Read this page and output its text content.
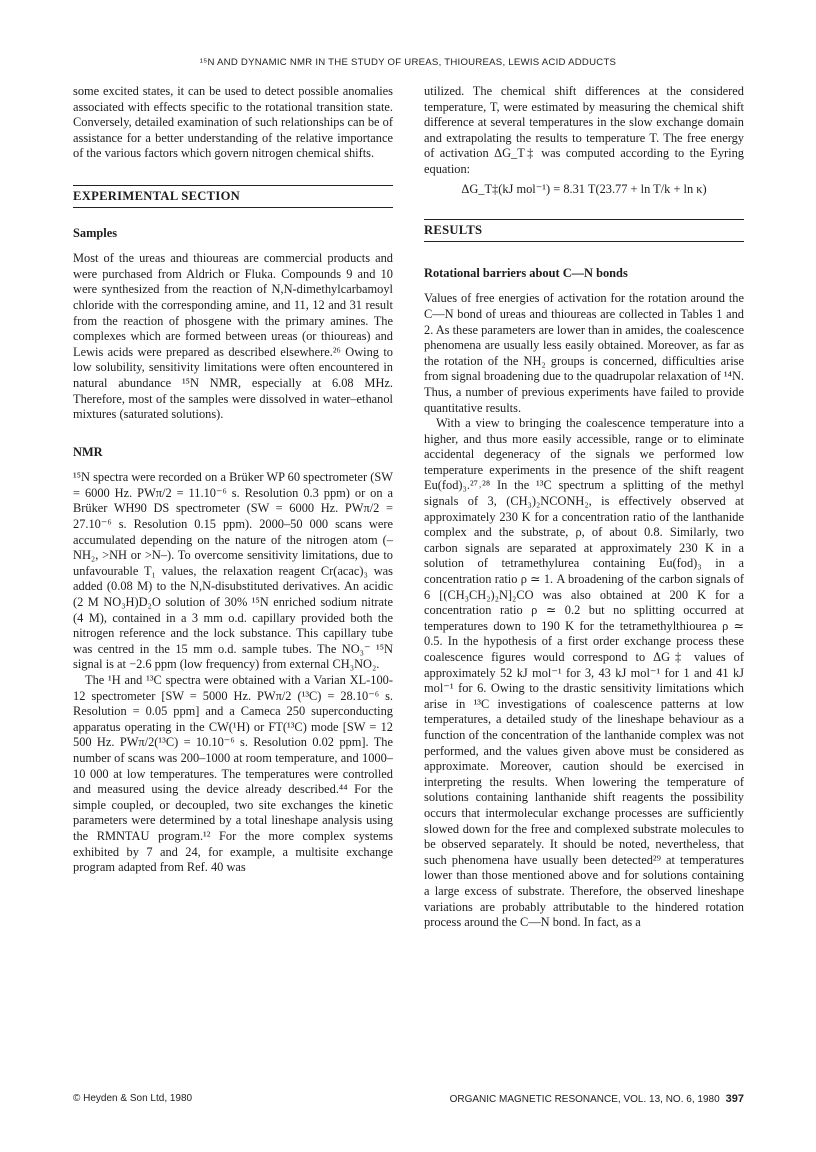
¹⁵N AND DYNAMIC NMR IN THE STUDY OF UREAS, THIOUREAS, LEWIS ACID ADDUCTS

some excited states, it can be used to detect possible anomalies associated with effects specific to the rotational transition state. Conversely, detailed examination of such relationships can be of assistance for a better understanding of the relative importance of the various factors which govern nitrogen chemical shifts.

EXPERIMENTAL SECTION
Samples

Most of the ureas and thioureas are commercial products and were purchased from Aldrich or Fluka. Compounds 9 and 10 were synthesized from the reaction of N,N-dimethylcarbamoyl chloride with the corresponding amine, and 11, 12 and 31 result from the reaction of phosgene with the primary amines. The complexes which are formed between ureas (or thioureas) and Lewis acids were prepared as described elsewhere.²⁶ Owing to low solubility, sensitivity limitations were often encountered in natural abundance ¹⁵N NMR, especially at 6.08 MHz. Therefore, most of the samples were dissolved in water–ethanol mixtures (saturated solutions).

NMR

¹⁵N spectra were recorded on a Brüker WP 60 spectrometer (SW = 6000 Hz. PWπ/2 = 11.10⁻⁶ s. Resolution 0.3 ppm) or on a Brüker WH90 DS spectrometer (SW = 6000 Hz. PWπ/2 = 27.10⁻⁶ s. Resolution 0.15 ppm). 2000–50 000 scans were accumulated depending on the nature of the nitrogen atom (–NH₂, >NH or >N–). To overcome sensitivity limitations, due to unfavourable T₁ values, the relaxation reagent Cr(acac)₃ was added (0.08 M) to the N,N-disubstituted derivatives. An acidic (2 M NO₃H)D₂O solution of 30% ¹⁵N enriched sodium nitrate (4 M), contained in a 3 mm o.d. capillary provided both the nitrogen reference and the lock substance. This capillary tube was centred in the 15 mm o.d. sample tubes. The NO₃⁻ ¹⁵N signal is at −2.6 ppm (low frequency) from external CH₃NO₂.

The ¹H and ¹³C spectra were obtained with a Varian XL-100-12 spectrometer [SW = 5000 Hz. PWπ/2 (¹³C) = 28.10⁻⁶ s. Resolution = 0.05 ppm] and a Cameca 250 superconducting apparatus operating in the CW(¹H) or FT(¹³C) mode [SW = 12 500 Hz. PWπ/2(¹³C) = 10.10⁻⁶ s. Resolution 0.02 ppm]. The number of scans was 200–1000 at room temperature, and 1000–10 000 at low temperatures. The temperatures were controlled and measured using the device already described.⁴⁴ For the simple coupled, or decoupled, two site exchanges the kinetic parameters were determined by a total lineshape analysis using the RMNTAU program.¹² For the more complex systems exhibited by 7 and 24, for example, a multisite exchange program adapted from Ref. 40 was

utilized. The chemical shift differences at the considered temperature, T, were estimated by measuring the chemical shift difference at several temperatures in the slow exchange domain and extrapolating the results to temperature T. The free energy of activation ΔG_T‡ was computed according to the Eyring equation:

ΔG_T‡(kJ mol⁻¹) = 8.31 T(23.77 + ln T/k + ln κ)
RESULTS
Rotational barriers about C—N bonds

Values of free energies of activation for the rotation around the C—N bond of ureas and thioureas are collected in Tables 1 and 2. As these parameters are lower than in amides, the coalescence phenomena are usually less easily obtained. Moreover, as far as the rotation of the NH₂ groups is concerned, difficulties arise from signal broadening due to the quadrupolar relaxation of ¹⁴N. Thus, a number of previous experiments have failed to provide quantitative results.

With a view to bringing the coalescence temperature into a higher, and thus more easily accessible, range or to eliminate accidental degeneracy of the signals we performed low temperature experiments in the presence of the shift reagent Eu(fod)₃.²⁷˒²⁸ In the ¹³C spectrum a splitting of the methyl signals of 3, (CH₃)₂NCONH₂, is effectively observed at approximately 230 K for a concentration ratio of the lanthanide complex and the substrate, ρ, of about 0.8. Similarly, two carbon signals are separated at approximately 230 K in a solution of tetramethylurea containing Eu(fod)₃ in a concentration ratio ρ ≃ 1. A broadening of the carbon signals of 6 [(CH₃CH₂)₂N]₂CO was also obtained at 200 K for a concentration ratio ρ ≃ 0.2 but no splitting occurred at temperatures down to 190 K for the tetramethylthiourea ρ ≃ 0.5. In the hypothesis of a first order exchange process these coalescence figures would correspond to ΔG‡ values of approximately 52 kJ mol⁻¹ for 3, 43 kJ mol⁻¹ for 1 and 41 kJ mol⁻¹ for 6. Owing to the drastic sensitivity limitations which arise in ¹³C investigations of coalescence patterns at low temperatures, a detailed study of the lineshape behaviour as a function of the concentration of the lanthanide complex was not performed, and the values given above must be considered as approximate. Moreover, caution should be exercised in interpreting the results. When lowering the temperature of solutions containing lanthanide shift reagents the possibility occurs that intermolecular exchange processes are sufficiently slowed down for the free and complexed substrate molecules to be observed separately. It should be noted, nevertheless, that such phenomena have usually been detected²⁹ at temperatures lower than those mentioned above and for solutions containing a large excess of substrate. Therefore, the observed lineshape variations are probably attributable to the hindered rotation process around the C—N bond. In fact, as a

© Heyden & Son Ltd, 1980	ORGANIC MAGNETIC RESONANCE, VOL. 13, NO. 6, 1980 397
